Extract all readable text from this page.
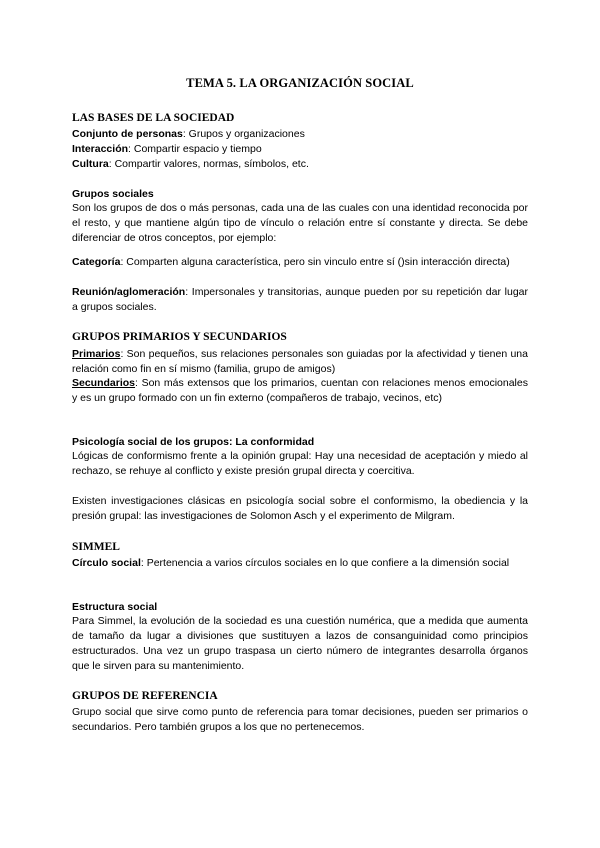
TEMA 5. LA ORGANIZACIÓN SOCIAL
LAS BASES DE LA SOCIEDAD
Conjunto de personas: Grupos y organizaciones
Interacción: Compartir espacio y tiempo
Cultura: Compartir valores, normas, símbolos, etc.
Grupos sociales
Son los grupos de dos o más personas, cada una de las cuales con una identidad reconocida por el resto, y que mantiene algún tipo de vínculo o relación entre sí constante y directa. Se debe diferenciar de otros conceptos, por ejemplo:
Categoría: Comparten alguna característica, pero sin vinculo entre sí ()sin interacción directa)
Reunión/aglomeración: Impersonales y transitorias, aunque pueden por su repetición dar lugar a grupos sociales.
GRUPOS PRIMARIOS Y SECUNDARIOS
Primarios: Son pequeños, sus relaciones personales son guiadas por la afectividad y tienen una relación como fin en sí mismo (familia, grupo de amigos)
Secundarios: Son más extensos que los primarios, cuentan con relaciones menos emocionales y es un grupo formado con un fin externo (compañeros de trabajo, vecinos, etc)
Psicología social de los grupos: La conformidad
Lógicas de conformismo frente a la opinión grupal: Hay una necesidad de aceptación y miedo al rechazo, se rehuye al conflicto y existe presión grupal directa y coercitiva.
Existen investigaciones clásicas en psicología social sobre el conformismo, la obediencia y la presión grupal: las investigaciones de Solomon Asch y el experimento de Milgram.
SIMMEL
Círculo social: Pertenencia a varios círculos sociales en lo que confiere a la dimensión social
Estructura social
Para Simmel, la evolución de la sociedad es una cuestión numérica, que a medida que aumenta de tamaño da lugar a divisiones que sustituyen a lazos de consanguinidad como principios estructurados. Una vez un grupo traspasa un cierto número de integrantes desarrolla órganos que le sirven para su mantenimiento.
GRUPOS DE REFERENCIA
Grupo social que sirve como punto de referencia para tomar decisiones, pueden ser primarios o secundarios. Pero también grupos a los que no pertenecemos.
